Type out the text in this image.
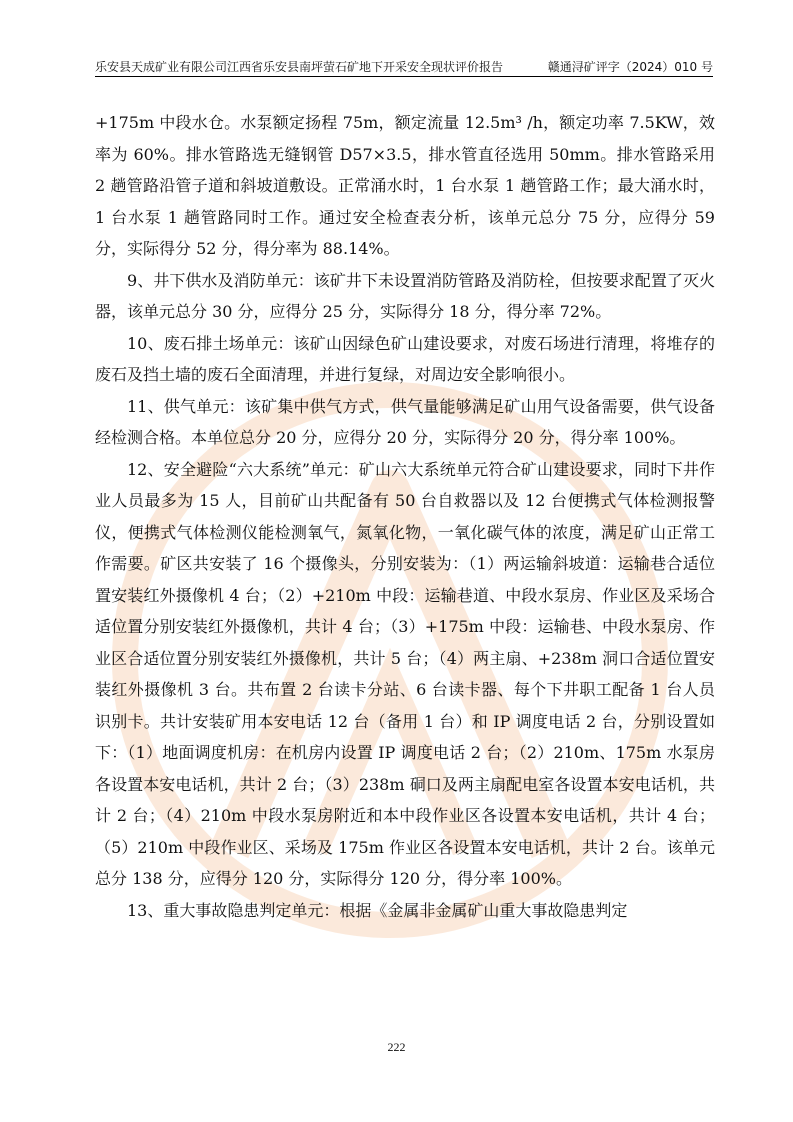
乐安县天成矿业有限公司江西省乐安县南坪萤石矿地下开采安全现状评价报告	赣通浔矿评字（2024）010 号

+175m 中段水仓。水泵额定扬程 75m，额定流量 12.5m³ /h，额定功率 7.5KW，效率为 60%。排水管路选无缝钢管 D57×3.5，排水管直径选用 50mm。排水管路采用 2 趟管路沿管子道和斜坡道敷设。正常涌水时，1 台水泵 1 趟管路工作；最大涌水时，1 台水泵 1 趟管路同时工作。通过安全检查表分析，该单元总分 75 分，应得分 59 分，实际得分 52 分，得分率为 88.14%。

9、井下供水及消防单元：该矿井下未设置消防管路及消防栓，但按要求配置了灭火器，该单元总分 30 分，应得分 25 分，实际得分 18 分，得分率 72%。

10、废石排土场单元：该矿山因绿色矿山建设要求，对废石场进行清理，将堆存的废石及挡土墙的废石全面清理，并进行复绿，对周边安全影响很小。

11、供气单元：该矿集中供气方式，供气量能够满足矿山用气设备需要，供气设备经检测合格。本单位总分 20 分，应得分 20 分，实际得分 20 分，得分率 100%。

12、安全避险“六大系统”单元：矿山六大系统单元符合矿山建设要求，同时下井作业人员最多为 15 人，目前矿山共配备有 50 台自救器以及 12 台便携式气体检测报警仪，便携式气体检测仪能检测氧气，氮氧化物，一氧化碳气体的浓度，满足矿山正常工作需要。矿区共安装了 16 个摄像头，分别安装为：（1）两运输斜坡道：运输巷合适位置安装红外摄像机 4 台；（2）+210m 中段：运输巷道、中段水泵房、作业区及采场合适位置分别安装红外摄像机，共计 4 台；（3）+175m 中段：运输巷、中段水泵房、作业区合适位置分别安装红外摄像机，共计 5 台；（4）两主扇、+238m 洞口合适位置安装红外摄像机 3 台。共布置 2 台读卡分站、6 台读卡器、每个下井职工配备 1 台人员识别卡。共计安装矿用本安电话 12 台（备用 1 台）和 IP 调度电话 2 台，分别设置如下：（1）地面调度机房：在机房内设置 IP 调度电话 2 台；（2）210m、175m 水泵房各设置本安电话机，共计 2 台；（3）238m 硐口及两主扇配电室各设置本安电话机，共计 2 台；（4）210m 中段水泵房附近和本中段作业区各设置本安电话机，共计 4 台；（5）210m 中段作业区、采场及 175m 作业区各设置本安电话机，共计 2 台。该单元总分 138 分，应得分 120 分，实际得分 120 分，得分率 100%。

13、重大事故隐患判定单元：根据《金属非金属矿山重大事故隐患判定

222
